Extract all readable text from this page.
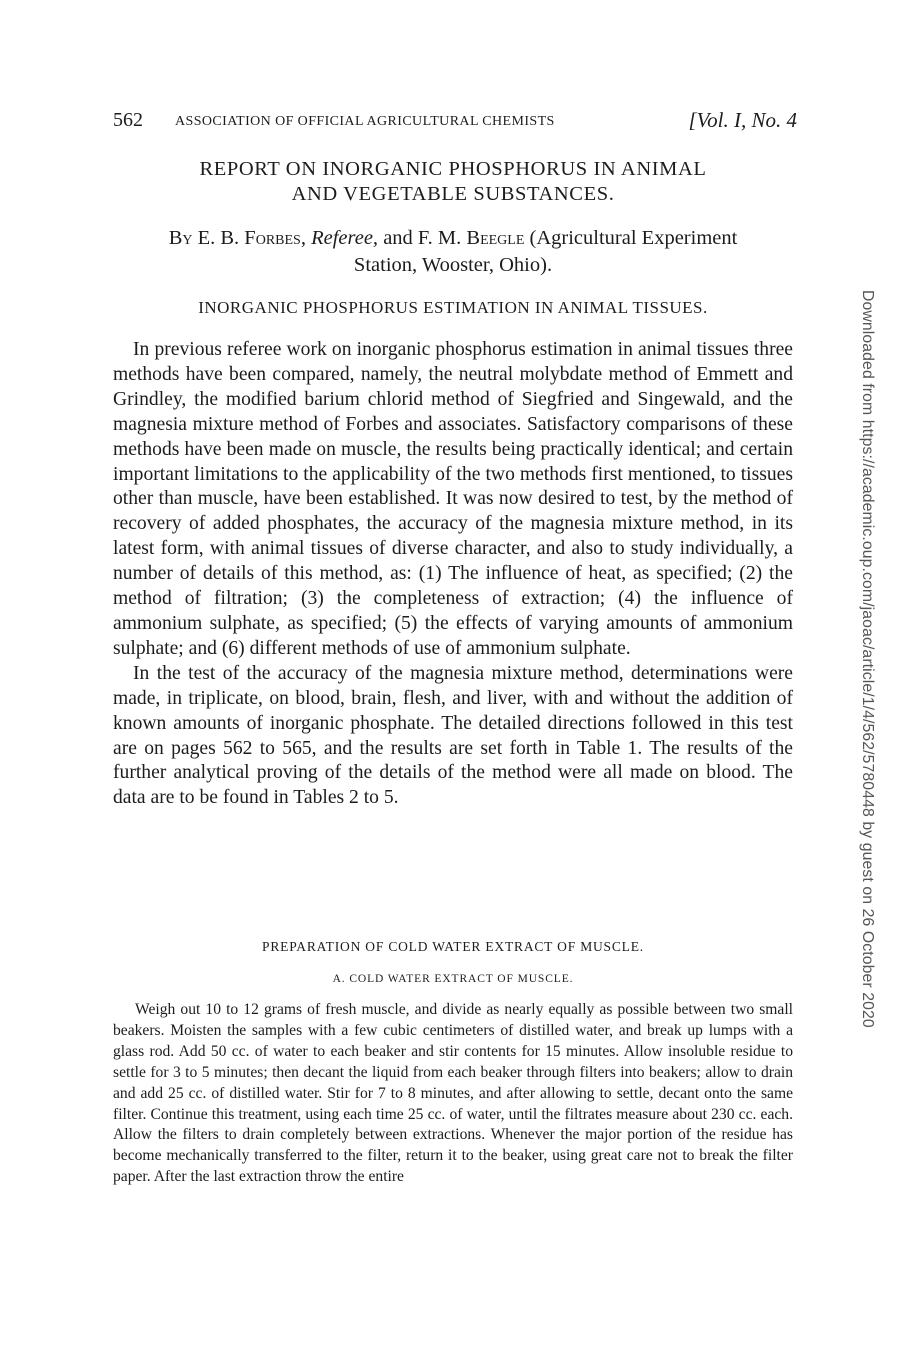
562 ASSOCIATION OF OFFICIAL AGRICULTURAL CHEMISTS	[Vol. I, No. 4
REPORT ON INORGANIC PHOSPHORUS IN ANIMAL
AND VEGETABLE SUBSTANCES.
By E. B. Forbes, Referee, and F. M. Beegle (Agricultural Experiment
Station, Wooster, Ohio).
INORGANIC PHOSPHORUS ESTIMATION IN ANIMAL TISSUES.

In previous referee work on inorganic phosphorus estimation in animal tissues three methods have been compared, namely, the neutral molybdate method of Emmett and Grindley, the modified barium chlorid method of Siegfried and Singewald, and the magnesia mixture method of Forbes and associates. Satisfactory comparisons of these methods have been made on muscle, the results being practically identical; and certain important limitations to the applicability of the two methods first mentioned, to tissues other than muscle, have been established. It was now desired to test, by the method of recovery of added phosphates, the accuracy of the magnesia mixture method, in its latest form, with animal tissues of diverse character, and also to study individually, a number of details of this method, as: (1) The influence of heat, as specified; (2) the method of filtration; (3) the completeness of extraction; (4) the influence of ammonium sulphate, as specified; (5) the effects of varying amounts of ammonium sulphate; and (6) different methods of use of ammonium sulphate.

In the test of the accuracy of the magnesia mixture method, determinations were made, in triplicate, on blood, brain, flesh, and liver, with and without the addition of known amounts of inorganic phosphate. The detailed directions followed in this test are on pages 562 to 565, and the results are set forth in Table 1. The results of the further analytical proving of the details of the method were all made on blood. The data are to be found in Tables 2 to 5.

PREPARATION OF COLD WATER EXTRACT OF MUSCLE.
A. COLD WATER EXTRACT OF MUSCLE.

Weigh out 10 to 12 grams of fresh muscle, and divide as nearly equally as possible between two small beakers. Moisten the samples with a few cubic centimeters of distilled water, and break up lumps with a glass rod. Add 50 cc. of water to each beaker and stir contents for 15 minutes. Allow insoluble residue to settle for 3 to 5 minutes; then decant the liquid from each beaker through filters into beakers; allow to drain and add 25 cc. of distilled water. Stir for 7 to 8 minutes, and after allowing to settle, decant onto the same filter. Continue this treatment, using each time 25 cc. of water, until the filtrates measure about 230 cc. each. Allow the filters to drain completely between extractions. Whenever the major portion of the residue has become mechanically transferred to the filter, return it to the beaker, using great care not to break the filter paper. After the last extraction throw the entire

Downloaded from https://academic.oup.com/jaoac/article/1/4/562/5780448 by guest on 26 October 2020
